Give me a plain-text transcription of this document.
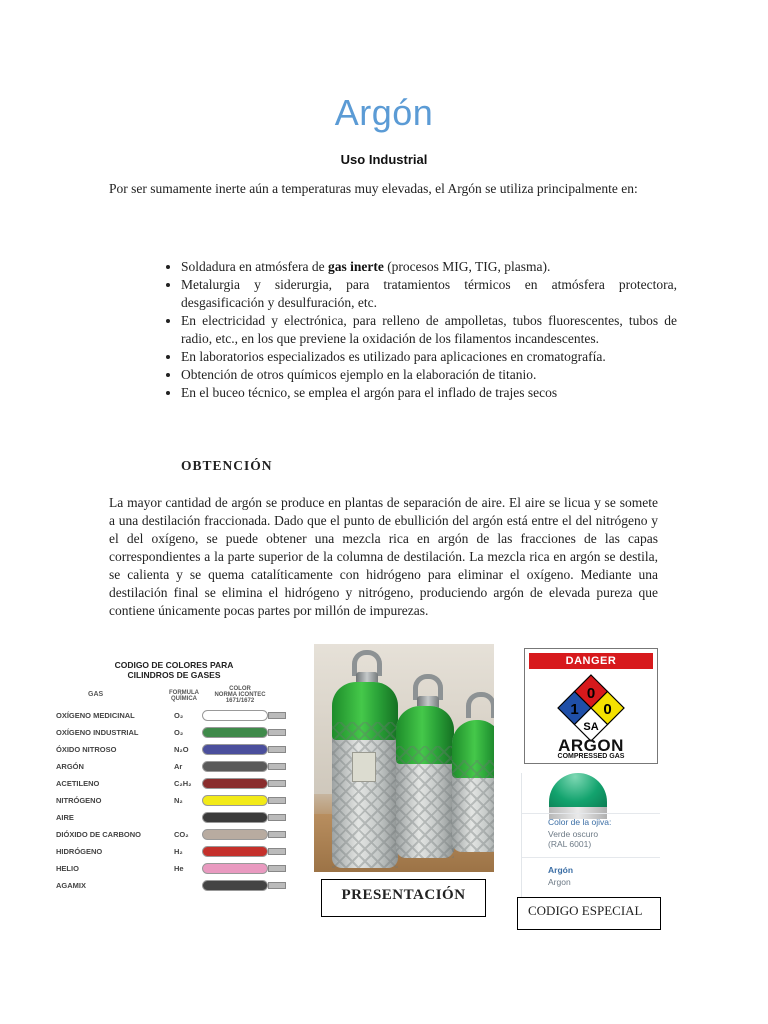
Argón
Uso Industrial

Por ser sumamente inerte aún a temperaturas muy elevadas, el Argón se utiliza principalmente en:

• Soldadura en atmósfera de gas inerte (procesos MIG, TIG, plasma).
• Metalurgia y siderurgia, para tratamientos térmicos en atmósfera protectora, desgasificación y desulfuración, etc.
• En electricidad y electrónica, para relleno de ampolletas, tubos fluorescentes, tubos de radio, etc., en los que previene la oxidación de los filamentos incandescentes.
• En laboratorios especializados es utilizado para aplicaciones en cromatografía.
• Obtención de otros químicos ejemplo en la elaboración de titanio.
• En el buceo técnico, se emplea el argón para el inflado de trajes secos
OBTENCIÓN

La mayor cantidad de argón se produce en plantas de separación de aire. El aire se licua y se somete a una destilación fraccionada. Dado que el punto de ebullición del argón está entre el del nitrógeno y el del oxígeno, se puede obtener una mezcla rica en argón de las fracciones de las capas correspondientes a la parte superior de la columna de destilación. La mezcla rica en argón se destila, se calienta y se quema catalíticamente con hidrógeno para eliminar el oxígeno. Mediante una destilación final se elimina el hidrógeno y nitrógeno, produciendo argón de elevada pureza que contiene únicamente pocas partes por millón de impurezas.

CODIGO DE COLORES PARA
CILINDROS DE GASES
GAS	FORMULA
QUÍMICA
COLOR
NORMA ICONTEC
1671/1672
OXÍGENO MEDICINAL	O₂
OXÍGENO INDUSTRIAL	O₂
ÓXIDO NITROSO	N₂O
ARGÓN	Ar
ACETILENO	C₂H₂
NITRÓGENO	N₂
AIRE
DIÓXIDO DE CARBONO	CO₂
HIDRÓGENO	H₂
HELIO	He
AGAMIX
PRESENTACIÓN
DANGER
0
1 0
SA
ARGON
COMPRESSED GAS
Color de la ojiva:
Verde oscuro
(RAL 6001)
Argón
Argon
CODIGO ESPECIAL
